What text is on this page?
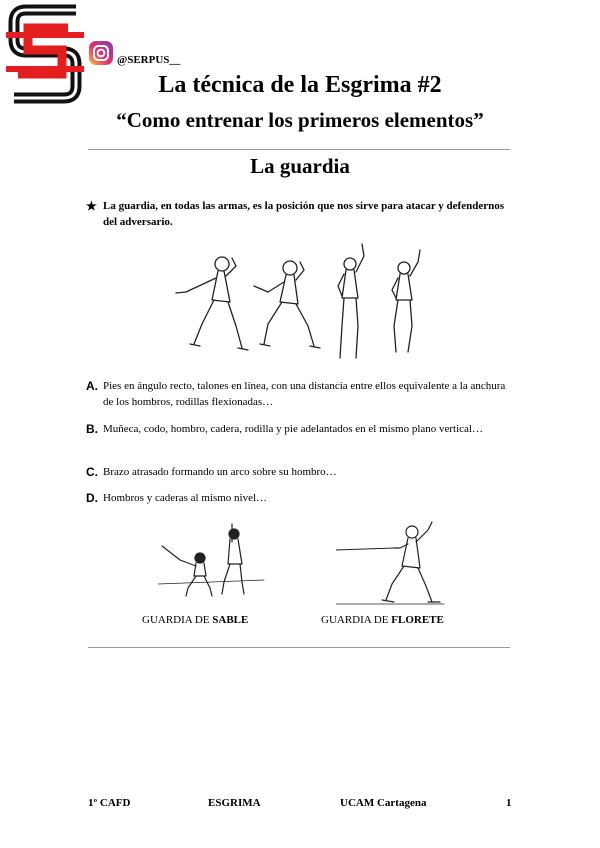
@SERPUS__
La técnica de la Esgrima #2
“Como entrenar los primeros elementos”
La guardia
★ La guardia, en todas las armas, es la posición que nos sirve para atacar y defendernos del adversario.
A. Pies en ángulo recto, talones en línea, con una distancia entre ellos equivalente a la anchura de los hombros, rodillas flexionadas…
B. Muñeca, codo, hombro, cadera, rodilla y pie adelantados en el mismo plano vertical…
C. Brazo atrasado formando un arco sobre su hombro…
D. Hombros y caderas al mismo nivel…
GUARDIA DE SABLE	GUARDIA DE FLORETE
1º CAFD	ESGRIMA	UCAM Cartagena	1
